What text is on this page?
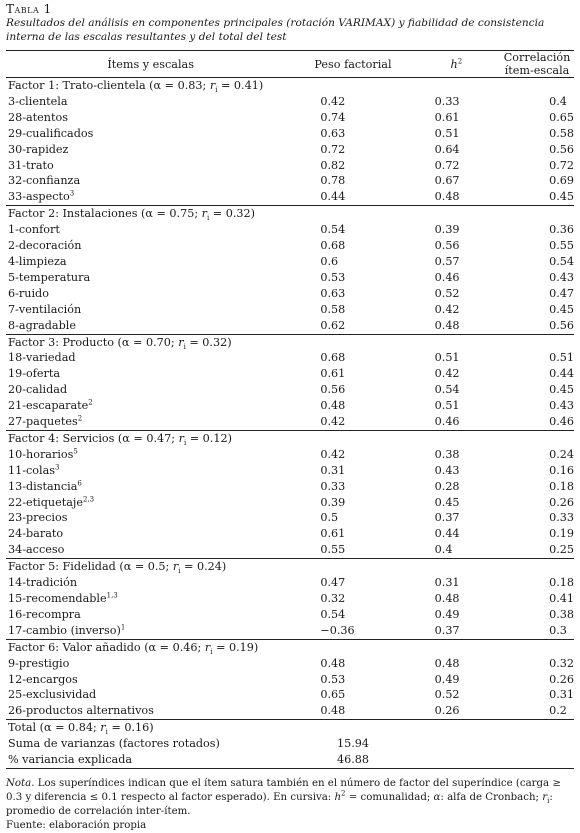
Tabla 1

Resultados del análisis en componentes principales (rotación VARIMAX) y fiabilidad de consistencia interna de las escalas resultantes y del total del test

Ítems y escalas	Peso factorial	$h^2$	Correlación ítem-escala
Factor 1: Trato-clientela (α = 0.83; $r_i = 0.41$)			
3-clientela	0.42	0.33	0.4
28-atentos	0.74	0.61	0.65
29-cualificados	0.63	0.51	0.58
30-rapidez	0.72	0.64	0.56
31-trato	0.82	0.72	0.72
32-confianza	0.78	0.67	0.69
33-aspecto$^3$	0.44	0.48	0.45
Factor 2: Instalaciones (α = 0.75; $r_i = 0.32$)			
1-confort	0.54	0.39	0.36
2-decoración	0.68	0.56	0.55
4-limpieza	0.6	0.57	0.54
5-temperatura	0.53	0.46	0.43
6-ruido	0.63	0.52	0.47
7-ventilación	0.58	0.42	0.45
8-agradable	0.62	0.48	0.56
Factor 3: Producto (α = 0.70; $r_i = 0.32$)			
18-variedad	0.68	0.51	0.51
19-oferta	0.61	0.42	0.44
20-calidad	0.56	0.54	0.45
21-escaparate$^2$	0.48	0.51	0.43
27-paquetes$^2$	0.42	0.46	0.46
Factor 4: Servicios (α = 0.47; $r_i = 0.12$)			
10-horarios$^5$	0.42	0.38	0.24
11-colas$^3$	0.31	0.43	0.16
13-distancia$^6$	0.33	0.28	0.18
22-etiquetaje$^{2,3}$	0.39	0.45	0.26
23-precios	0.5	0.37	0.33
24-barato	0.61	0.44	0.19
34-acceso	0.55	0.4	0.25
Factor 5: Fidelidad (α = 0.5; $r_i = 0.24$)			
14-tradición	0.47	0.31	0.18
15-recomendable$^{1,3}$	0.32	0.48	0.41
16-recompra	0.54	0.49	0.38
17-cambio (inverso)$^1$	−0.36	0.37	0.3
Factor 6: Valor añadido (α = 0.46; $r_i = 0.19$)			
9-prestigio	0.48	0.48	0.32
12-encargos	0.53	0.49	0.26
25-exclusividad	0.65	0.52	0.31
26-productos alternativos	0.48	0.26	0.2
Total (α = 0.84; $r_i = 0.16$)			
Suma de varianzas (factores rotados)	15.94		
% variancia explicada	46.88		
Nota. Los superíndices indican que el ítem satura también en el número de factor del superíndice (carga ≥ 0.3 y diferencia ≤ 0.1 respecto al factor esperado). En cursiva: $h^2$ = comunalidad; α: alfa de Cronbach; $r_i$: promedio de correlación inter-ítem.
Fuente: elaboración propia
